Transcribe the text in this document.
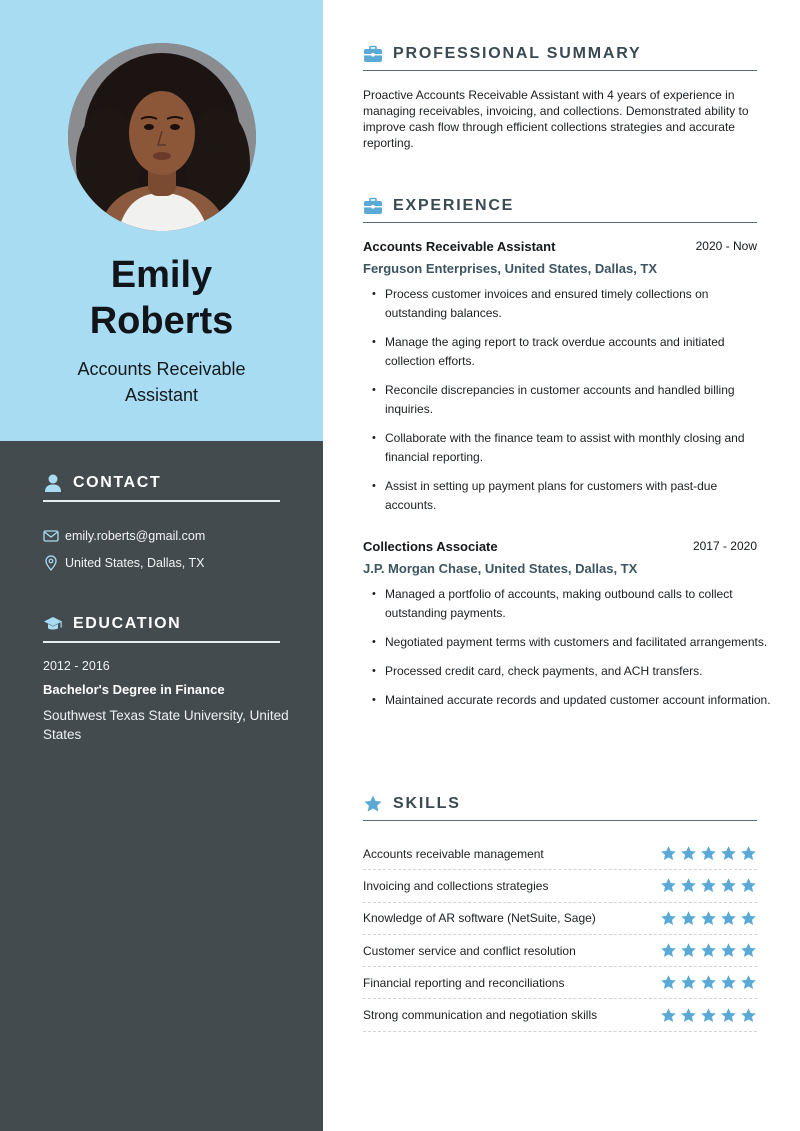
Emily
Roberts
Accounts Receivable Assistant
CONTACT
emily.roberts@gmail.com
United States, Dallas, TX
EDUCATION
2012 - 2016
Bachelor's Degree in Finance
Southwest Texas State University, United States
PROFESSIONAL SUMMARY

Proactive Accounts Receivable Assistant with 4 years of experience in managing receivables, invoicing, and collections. Demonstrated ability to improve cash flow through efficient collections strategies and accurate reporting.

EXPERIENCE
Accounts Receivable Assistant	2020 - Now
Ferguson Enterprises, United States, Dallas, TX
• Process customer invoices and ensured timely collections on outstanding balances.
• Manage the aging report to track overdue accounts and initiated collection efforts.
• Reconcile discrepancies in customer accounts and handled billing inquiries.
• Collaborate with the finance team to assist with monthly closing and financial reporting.
• Assist in setting up payment plans for customers with past-due accounts.
Collections Associate	2017 - 2020
J.P. Morgan Chase, United States, Dallas, TX
• Managed a portfolio of accounts, making outbound calls to collect outstanding payments.
• Negotiated payment terms with customers and facilitated arrangements.
• Processed credit card, check payments, and ACH transfers.
• Maintained accurate records and updated customer account information.
SKILLS
Accounts receivable management
Invoicing and collections strategies
Knowledge of AR software (NetSuite, Sage)
Customer service and conflict resolution
Financial reporting and reconciliations
Strong communication and negotiation skills
